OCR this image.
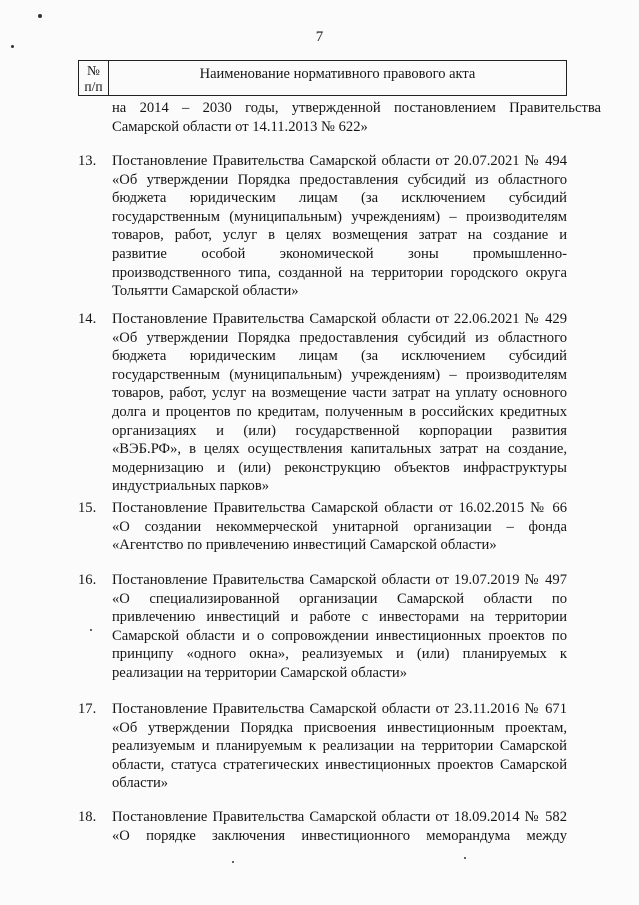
7
№
п/п
Наименование нормативного правового акта
на 2014 – 2030 годы, утвержденной постановлением Правительства
Самарской области от 14.11.2013 № 622»
13.	Постановление Правительства Самарской области от 20.07.2021 № 494
«Об утверждении Порядка предоставления субсидий из областного
бюджета юридическим лицам (за исключением субсидий
государственным (муниципальным) учреждениям) – производителям
товаров, работ, услуг в целях возмещения затрат на создание и
развитие особой экономической зоны промышленно-
производственного типа, созданной на территории городского округа
Тольятти Самарской области»
14.	Постановление Правительства Самарской области от 22.06.2021 № 429
«Об утверждении Порядка предоставления субсидий из областного
бюджета юридическим лицам (за исключением субсидий
государственным (муниципальным) учреждениям) – производителям
товаров, работ, услуг на возмещение части затрат на уплату основного
долга и процентов по кредитам, полученным в российских кредитных
организациях и (или) государственной корпорации развития
«ВЭБ.РФ», в целях осуществления капитальных затрат на создание,
модернизацию и (или) реконструкцию объектов инфраструктуры
индустриальных парков»
15.	Постановление Правительства Самарской области от 16.02.2015 № 66
«О создании некоммерческой унитарной организации – фонда
«Агентство по привлечению инвестиций Самарской области»
16.	Постановление Правительства Самарской области от 19.07.2019 № 497
«О специализированной организации Самарской области по
привлечению инвестиций и работе с инвесторами на территории
Самарской области и о сопровождении инвестиционных проектов по
принципу «одного окна», реализуемых и (или) планируемых к
реализации на территории Самарской области»
17.	Постановление Правительства Самарской области от 23.11.2016 № 671
«Об утверждении Порядка присвоения инвестиционным проектам,
реализуемым и планируемым к реализации на территории Самарской
области, статуса стратегических инвестиционных проектов Самарской
области»
18.	Постановление Правительства Самарской области от 18.09.2014 № 582
«О порядке заключения инвестиционного меморандума между
